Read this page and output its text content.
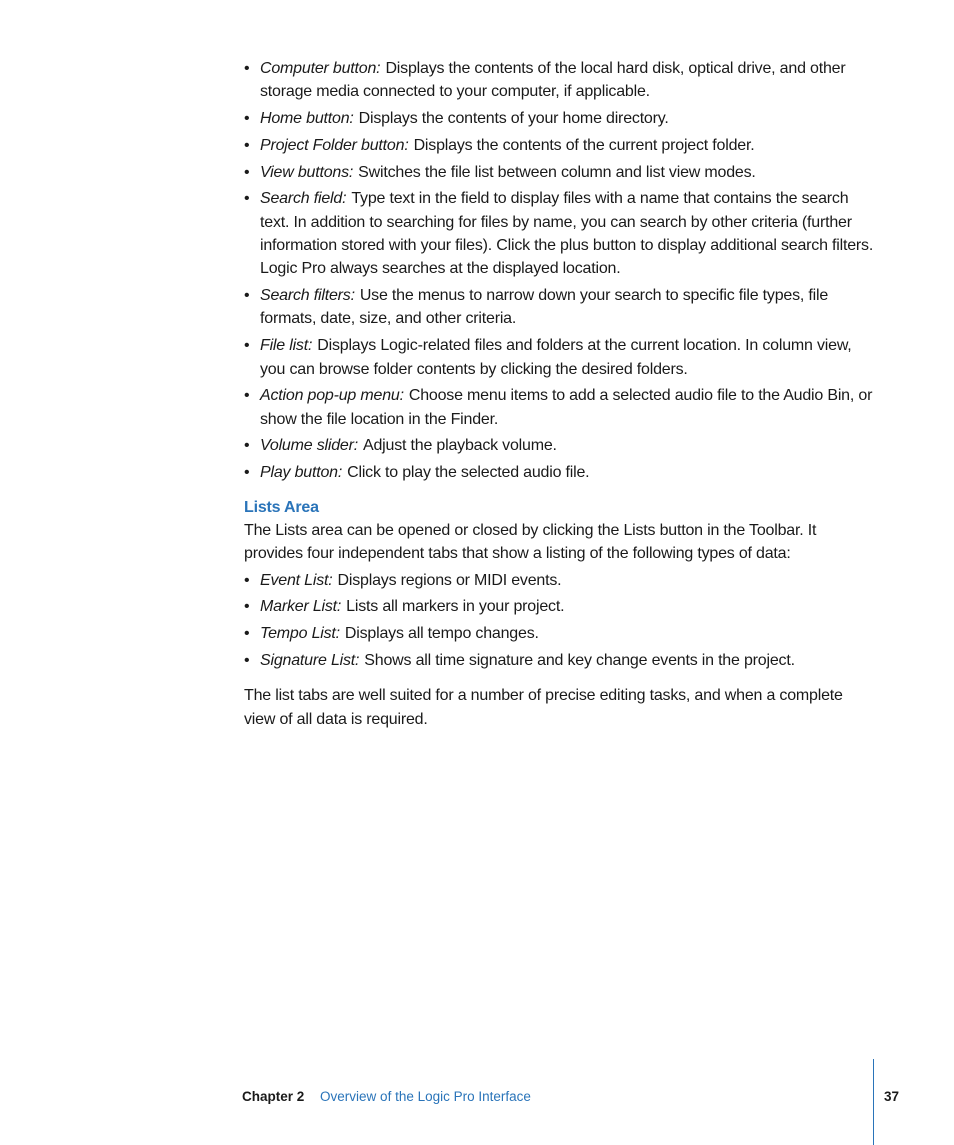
• Computer button: Displays the contents of the local hard disk, optical drive, and other storage media connected to your computer, if applicable.
• Home button: Displays the contents of your home directory.
• Project Folder button: Displays the contents of the current project folder.
• View buttons: Switches the file list between column and list view modes.
• Search field: Type text in the field to display files with a name that contains the search text. In addition to searching for files by name, you can search by other criteria (further information stored with your files). Click the plus button to display additional search filters. Logic Pro always searches at the displayed location.
• Search filters: Use the menus to narrow down your search to specific file types, file formats, date, size, and other criteria.
• File list: Displays Logic-related files and folders at the current location. In column view, you can browse folder contents by clicking the desired folders.
• Action pop-up menu: Choose menu items to add a selected audio file to the Audio Bin, or show the file location in the Finder.
• Volume slider: Adjust the playback volume.
• Play button: Click to play the selected audio file.
Lists Area

The Lists area can be opened or closed by clicking the Lists button in the Toolbar. It provides four independent tabs that show a listing of the following types of data:

• Event List: Displays regions or MIDI events.
• Marker List: Lists all markers in your project.
• Tempo List: Displays all tempo changes.
• Signature List: Shows all time signature and key change events in the project.

The list tabs are well suited for a number of precise editing tasks, and when a complete view of all data is required.

Chapter 2 Overview of the Logic Pro Interface	37
